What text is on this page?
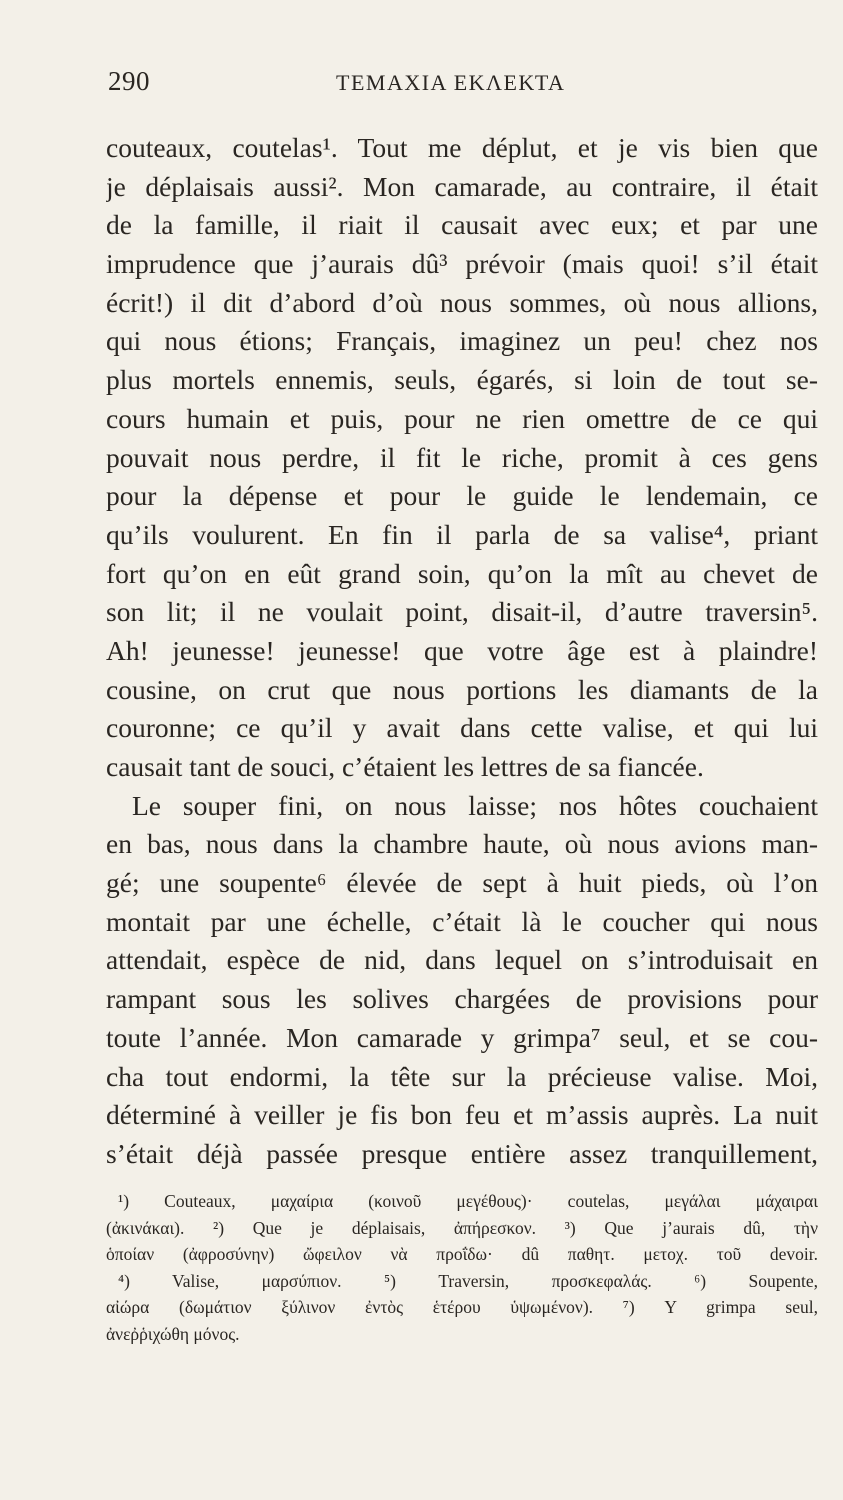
290	ΤΕΜΑΧΙΑ ΕΚΛΕΚΤΑ
couteaux, coutelas¹. Tout me déplut, et je vis bien que
je déplaisais aussi². Mon camarade, au contraire, il était
de la famille, il riait il causait avec eux; et par une
imprudence que j’aurais dû³ prévoir (mais quoi! s’il était
écrit!) il dit d’abord d’où nous sommes, où nous allions,
qui nous étions; Français, imaginez un peu! chez nos
plus mortels ennemis, seuls, égarés, si loin de tout se-
cours humain et puis, pour ne rien omettre de ce qui
pouvait nous perdre, il fit le riche, promit à ces gens
pour la dépense et pour le guide le lendemain, ce
qu’ils voulurent. En fin il parla de sa valise⁴, priant
fort qu’on en eût grand soin, qu’on la mît au chevet de
son lit; il ne voulait point, disait-il, d’autre traversin⁵.
Ah! jeunesse! jeunesse! que votre âge est à plaindre!
cousine, on crut que nous portions les diamants de la
couronne; ce qu’il y avait dans cette valise, et qui lui
causait tant de souci, c’étaient les lettres de sa fiancée.
Le souper fini, on nous laisse; nos hôtes couchaient
en bas, nous dans la chambre haute, où nous avions man-
gé; une soupente⁶ élevée de sept à huit pieds, où l’on
montait par une échelle, c’était là le coucher qui nous
attendait, espèce de nid, dans lequel on s’introduisait en
rampant sous les solives chargées de provisions pour
toute l’année. Mon camarade y grimpa⁷ seul, et se cou-
cha tout endormi, la tête sur la précieuse valise. Moi,
déterminé à veiller je fis bon feu et m’assis auprès. La nuit
s’était déjà passée presque entière assez tranquillement,
¹) Couteaux, μαχαίρια (κοινοῦ μεγέθους)· coutelas, μεγάλαι μάχαιραι
(ἀκινάκαι). ²) Que je déplaisais, ἀπήρεσκον. ³) Que j’aurais dû, τὴν
ὁποίαν (ἀφροσύνην) ὤφειλον νὰ προΐδω· dû παθητ. μετοχ. τοῦ devoir.
⁴) Valise, μαρσύπιον. ⁵) Traversin, προσκεφαλάς. ⁶) Soupente,
αἰώρα (δωμάτιον ξύλινον ἐντὸς ἑτέρου ὑψωμένον). ⁷) Y grimpa seul,
ἀνεῤῥιχώθη μόνος.
